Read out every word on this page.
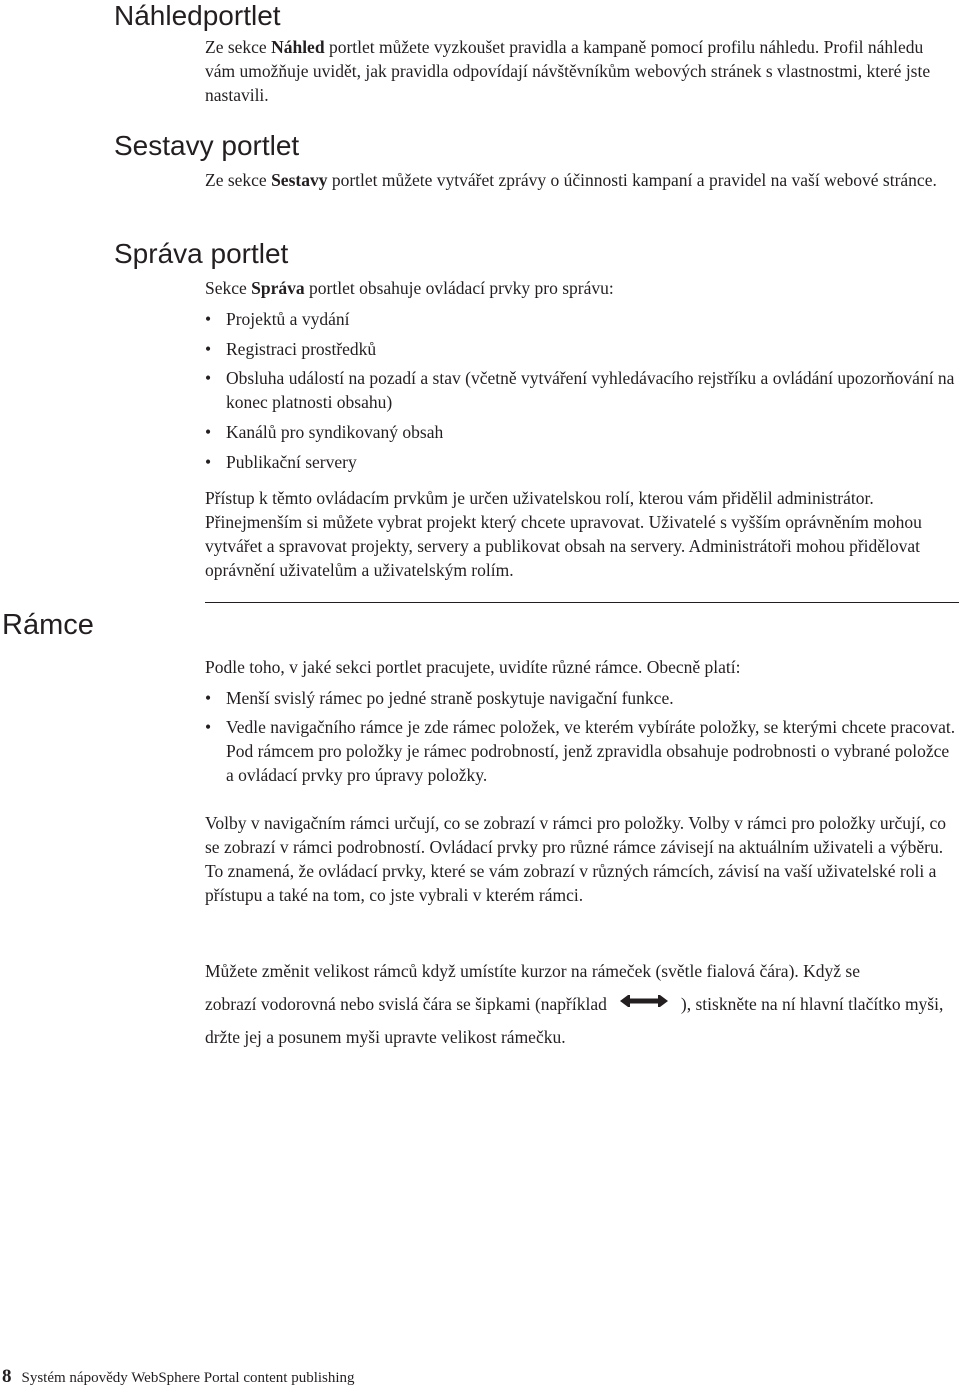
Náhledportlet

Ze sekce Náhled portlet můžete vyzkoušet pravidla a kampaně pomocí profilu náhledu. Profil náhledu vám umožňuje uvidět, jak pravidla odpovídají návštěvníkům webových stránek s vlastnostmi, které jste nastavili.

Sestavy portlet

Ze sekce Sestavy portlet můžete vytvářet zprávy o účinnosti kampaní a pravidel na vaší webové stránce.

Správa portlet

Sekce Správa portlet obsahuje ovládací prvky pro správu:

• Projektů a vydání
• Registraci prostředků
• Obsluha událostí na pozadí a stav (včetně vytváření vyhledávacího rejstříku a ovládání upozorňování na konec platnosti obsahu)
• Kanálů pro syndikovaný obsah
• Publikační servery

Přístup k těmto ovládacím prvkům je určen uživatelskou rolí, kterou vám přidělil administrátor. Přinejmenším si můžete vybrat projekt který chcete upravovat. Uživatelé s vyšším oprávněním mohou vytvářet a spravovat projekty, servery a publikovat obsah na servery. Administrátoři mohou přidělovat oprávnění uživatelům a uživatelským rolím.

Rámce

Podle toho, v jaké sekci portlet pracujete, uvidíte různé rámce. Obecně platí:

• Menší svislý rámec po jedné straně poskytuje navigační funkce.
• Vedle navigačního rámce je zde rámec položek, ve kterém vybíráte položky, se kterými chcete pracovat. Pod rámcem pro položky je rámec podrobností, jenž zpravidla obsahuje podrobnosti o vybrané položce a ovládací prvky pro úpravy položky.

Volby v navigačním rámci určují, co se zobrazí v rámci pro položky. Volby v rámci pro položky určují, co se zobrazí v rámci podrobností. Ovládací prvky pro různé rámce závisejí na aktuálním uživateli a výběru. To znamená, že ovládací prvky, které se vám zobrazí v různých rámcích, závisí na vaší uživatelské roli a přístupu a také na tom, co jste vybrali v kterém rámci.

Můžete změnit velikost rámců když umístíte kurzor na rámeček (světle fialová čára). Když se
zobrazí vodorovná nebo svislá čára se šipkami (například	), stiskněte na ní hlavní tlačítko myši, držte jej a posunem myši upravte velikost rámečku.

8 Systém nápovědy WebSphere Portal content publishing
